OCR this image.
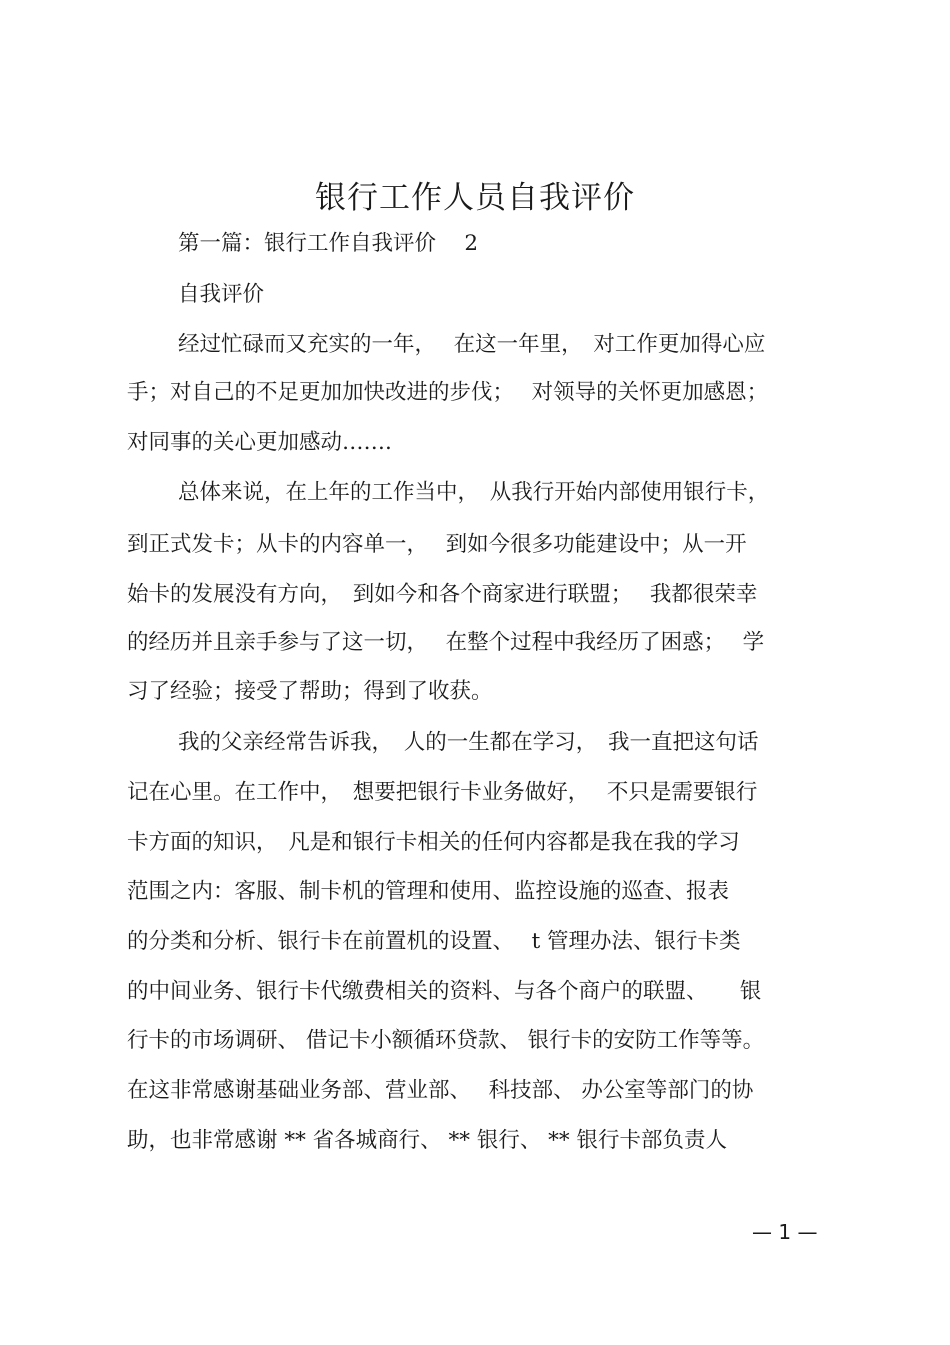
银行工作人员自我评价
第一篇：银行工作自我评价　 2
自我评价
经过忙碌而又充实的一年，　 在这一年里，　对工作更加得心应
手；对自己的不足更加加快改进的步伐；　 对领导的关怀更加感恩；
对同事的关心更加感动…….
总体来说，在上年的工作当中，　从我行开始内部使用银行卡，
到正式发卡；从卡的内容单一，　 到如今很多功能建设中；从一开
始卡的发展没有方向，　到如今和各个商家进行联盟；　 我都很荣幸
的经历并且亲手参与了这一切，　 在整个过程中我经历了困惑；　 学
习了经验；接受了帮助；得到了收获。
我的父亲经常告诉我，　人的一生都在学习，　我一直把这句话
记在心里。在工作中，　想要把银行卡业务做好，　 不只是需要银行
卡方面的知识，　凡是和银行卡相关的任何内容都是我在我的学习
范围之内：客服、制卡机的管理和使用、监控设施的巡查、报表
的分类和分析、银行卡在前置机的设置、　 t 管理办法、银行卡类
的中间业务、银行卡代缴费相关的资料、与各个商户的联盟、　　银
行卡的市场调研、 借记卡小额循环贷款、 银行卡的安防工作等等。
在这非常感谢基础业务部、营业部、　 科技部、 办公室等部门的协
助，也非常感谢 ** 省各城商行、 ** 银行、 ** 银行卡部负责人
— 1 —
